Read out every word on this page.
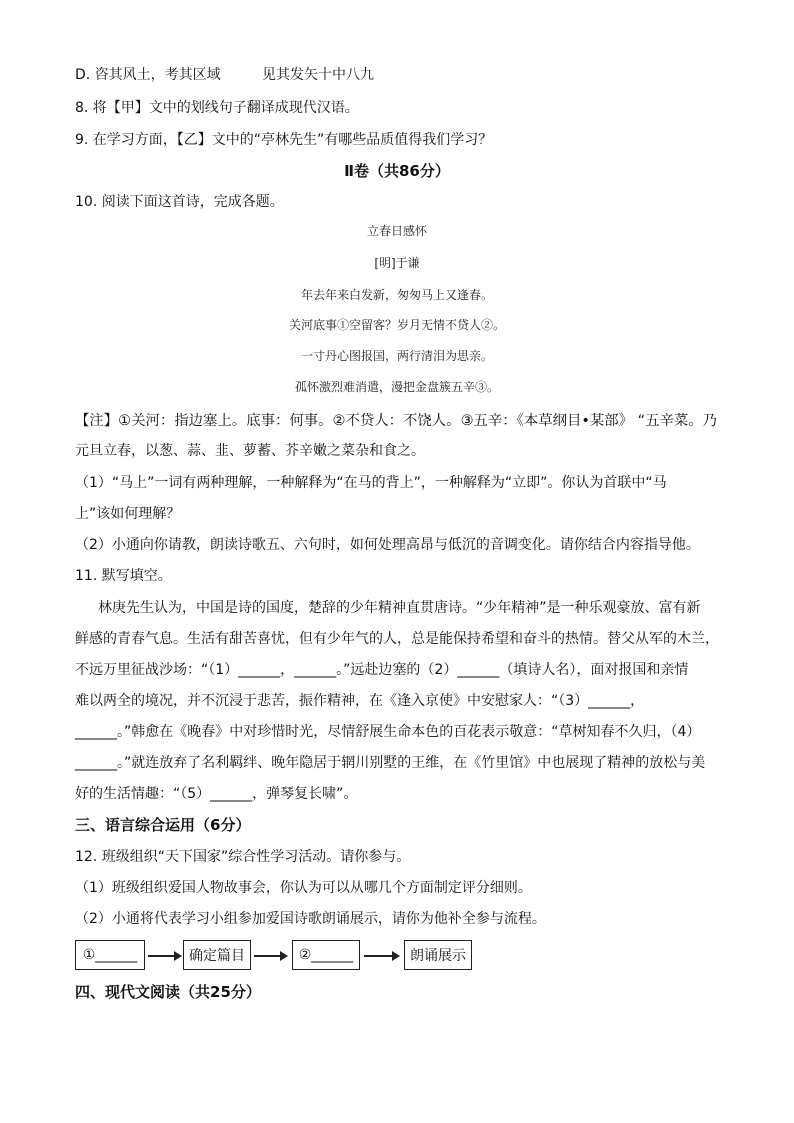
D. 咨其风土，考其区域	见其发矢十中八九
8. 将【甲】文中的划线句子翻译成现代汉语。
9. 在学习方面，【乙】文中的“亭林先生”有哪些品质值得我们学习？
Ⅱ卷（共86分）
10. 阅读下面这首诗，完成各题。
立春日感怀
[明]于谦
年去年来白发新，匆匆马上又逢春。
关河底事①空留客？岁月无情不贷人②。
一寸丹心图报国，两行清泪为思亲。
孤怀激烈难消遣，漫把金盘簇五辛③。
【注】①关河：指边塞上。底事：何事。②不贷人：不饶人。③五辛：《本草纲目•某部》 “五辛菜。乃
元旦立春，以葱、蒜、韭、萝蓄、芥辛嫩之菜杂和食之。
（1）“马上”一词有两种理解，一种解释为“在马的背上”，一种解释为“立即”。你认为首联中“马
上”该如何理解？
（2）小通向你请教，朗读诗歌五、六句时，如何处理高昂与低沉的音调变化。请你结合内容指导他。
11. 默写填空。
林庚先生认为，中国是诗的国度，楚辞的少年精神直贯唐诗。“少年精神”是一种乐观豪放、富有新
鲜感的青春气息。生活有甜苦喜忧，但有少年气的人，总是能保持希望和奋斗的热情。替父从军的木兰，
不远万里征战沙场：“（1）______，______。”远赴边塞的（2）______（填诗人名），面对报国和亲情
难以两全的境况，并不沉浸于悲苦，振作精神，在《逢入京使》中安慰家人：“（3）______，
______。”韩愈在《晚春》中对珍惜时光，尽情舒展生命本色的百花表示敬意：“草树知春不久归，（4）
______。”就连放弃了名利羁绊、晚年隐居于辋川别墅的王维，在《竹里馆》中也展现了精神的放松与美
好的生活情趣：“（5）______，弹琴复长啸”。
三、语言综合运用（6分）
12. 班级组织“天下国家”综合性学习活动。请你参与。
（1）班级组织爱国人物故事会，你认为可以从哪几个方面制定评分细则。
（2）小通将代表学习小组参加爱国诗歌朗诵展示，请你为他补全参与流程。
①______	确定篇目	②______	朗诵展示
四、现代文阅读（共25分）
